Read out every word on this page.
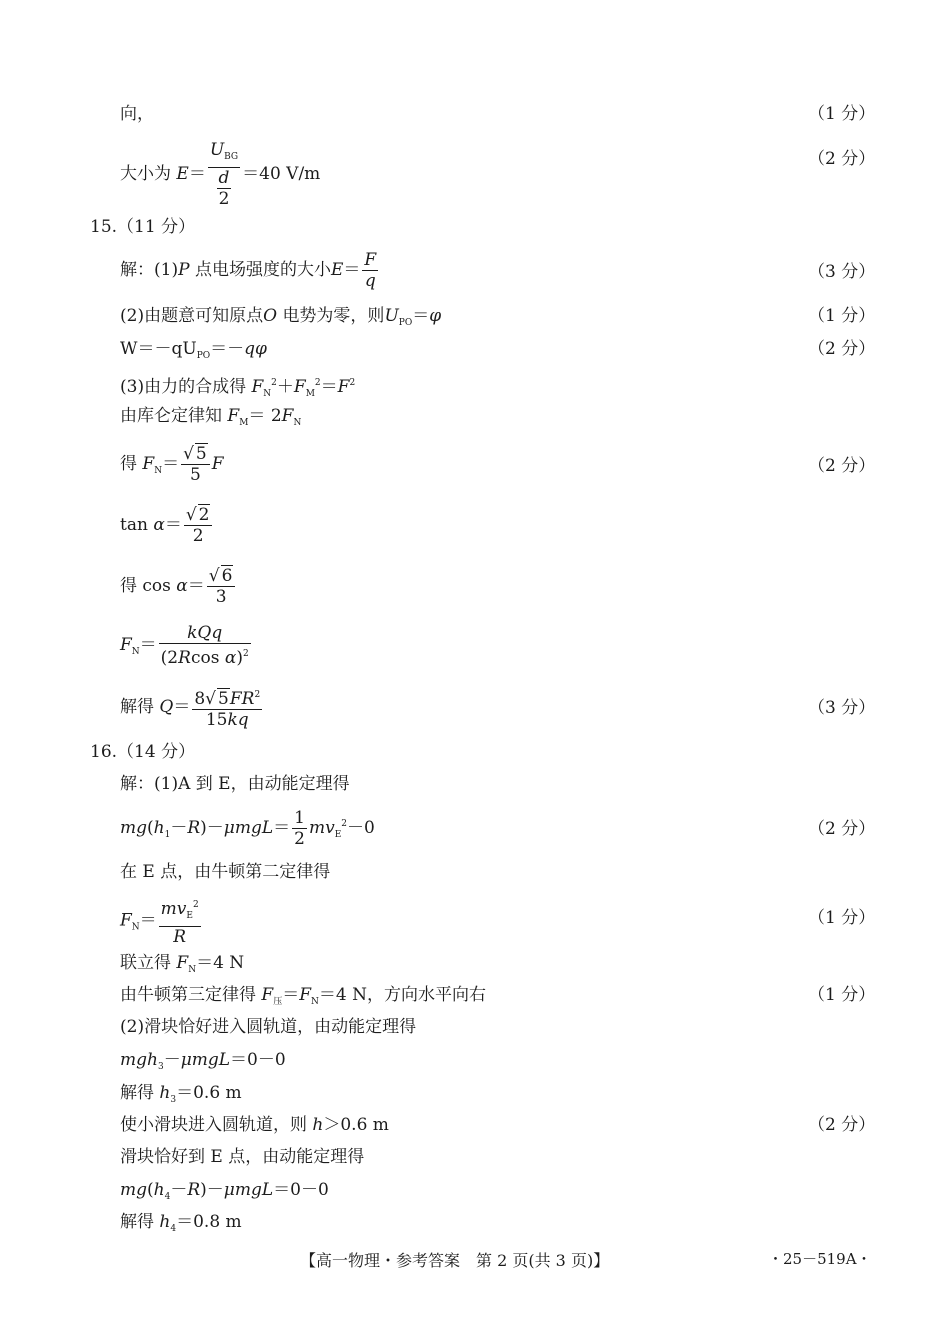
向，	（1 分）
大小为 $E= \frac{U_{BG}}{\frac{d}{2}} =40$ V/m
（2 分）
15.（11 分）
解：(1)P 点电场强度的大小$E= \frac{F}{q}$	（3 分）
(2)由题意可知原点O 电势为零，则$U_{PO}=\varphi$	（1 分）
$W=-qU_{PO}=-q\varphi$	（2 分）
(3)由力的合成得 $F_N^2+F_M^2=F^2$
由库仑定律知 $F_M= 2F_N$
得 $F_N= \frac{√ 5}{5}$ F	（2 分）
$\tan \alpha= \frac{√ 2}{2}$
得 $\cos \alpha= \frac{√ 6}{3}$
$F_N= \frac{\text{kQq}}{(2Rcos \alpha)^2}$
解得 $Q= \frac{8√ 5FR^2}{15kq}$	（3 分）
16.（14 分）
解：(1)A 到 E，由动能定理得
$mg(h_1-R)-\mu mgL= \frac{1}{2} mv_E^2-0$	（2 分）
在 E 点，由牛顿第二定律得
$F_N= \frac{mv_E^2}{R}$	（1 分）
联立得 $F_N=4$ N
由牛顿第三定律得 $F_压=F_N=4$ N，方向水平向右	（1 分）
(2)滑块恰好进入圆轨道，由动能定理得
mgh$_3$－μmgL＝0－0
解得 $h_3=0.6$ m
使小滑块进入圆轨道，则 h＞0.6 m	（2 分）
滑块恰好到 E 点，由动能定理得
$mg(h_4-R)-\mu mgL=0-0$
解得 $h_4=0.8$ m
【高一物理・参考答案　第 2 页(共 3 页)】	・25－519A・
